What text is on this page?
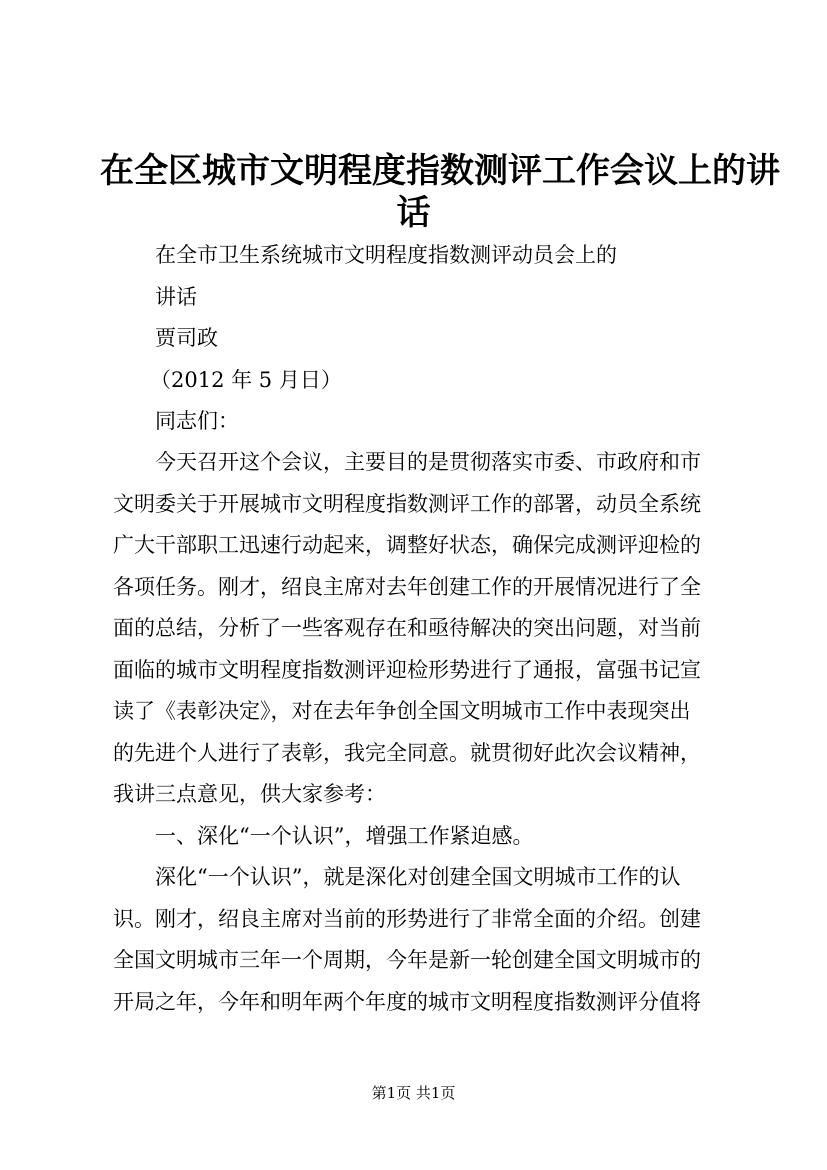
在全区城市文明程度指数测评工作会议上的讲
话
在全市卫生系统城市文明程度指数测评动员会上的
讲话
贾司政
（2012 年 5 月日）
同志们：
今天召开这个会议，主要目的是贯彻落实市委、市政府和市
文明委关于开展城市文明程度指数测评工作的部署，动员全系统
广大干部职工迅速行动起来，调整好状态，确保完成测评迎检的
各项任务。刚才，绍良主席对去年创建工作的开展情况进行了全
面的总结，分析了一些客观存在和亟待解决的突出问题，对当前
面临的城市文明程度指数测评迎检形势进行了通报，富强书记宣
读了《表彰决定》，对在去年争创全国文明城市工作中表现突出
的先进个人进行了表彰，我完全同意。就贯彻好此次会议精神，
我讲三点意见，供大家参考：
一、深化“一个认识”，增强工作紧迫感。
深化“一个认识”，就是深化对创建全国文明城市工作的认
识。刚才，绍良主席对当前的形势进行了非常全面的介绍。创建
全国文明城市三年一个周期，今年是新一轮创建全国文明城市的
开局之年，今年和明年两个年度的城市文明程度指数测评分值将
第1页 共1页
